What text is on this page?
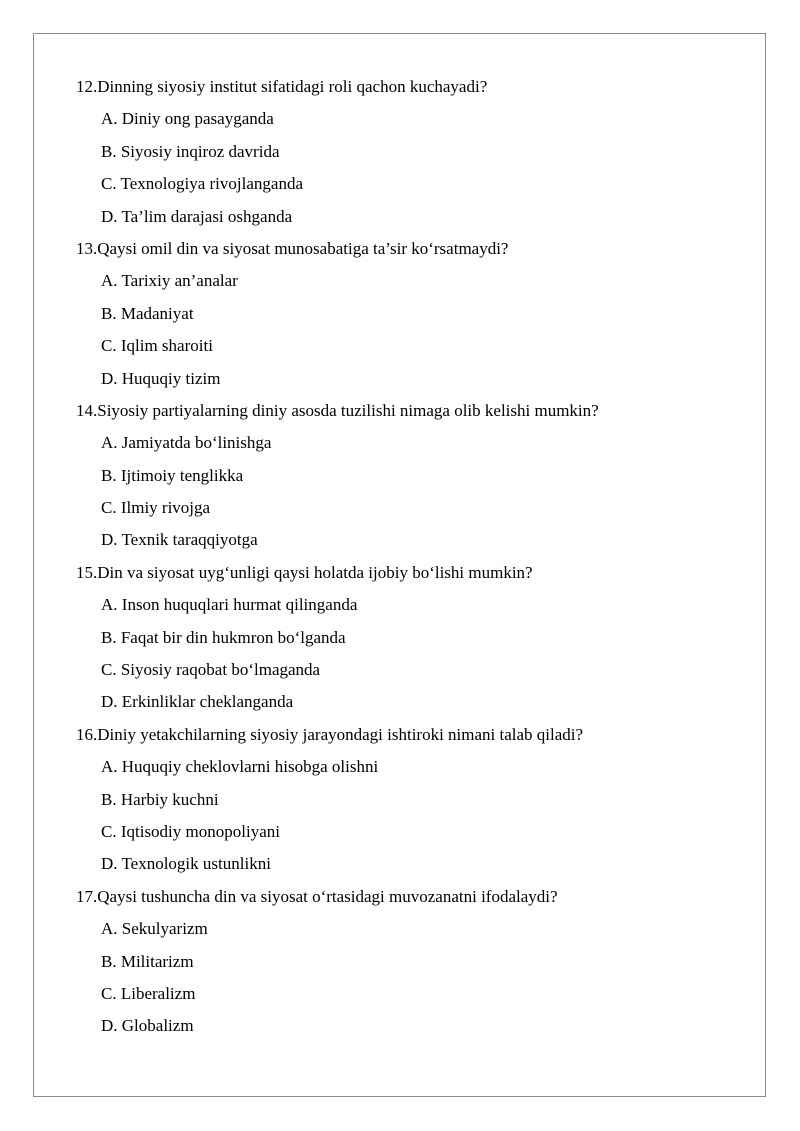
12.Dinning siyosiy institut sifatidagi roli qachon kuchayadi?
A. Diniy ong pasayganda
B. Siyosiy inqiroz davrida
C. Texnologiya rivojlanganda
D. Ta’lim darajasi oshganda
13.Qaysi omil din va siyosat munosabatiga ta’sir ko‘rsatmaydi?
A. Tarixiy an’analar
B. Madaniyat
C. Iqlim sharoiti
D. Huquqiy tizim
14.Siyosiy partiyalarning diniy asosda tuzilishi nimaga olib kelishi mumkin?
A. Jamiyatda bo‘linishga
B. Ijtimoiy tenglikka
C. Ilmiy rivojga
D. Texnik taraqqiyotga
15.Din va siyosat uyg‘unligi qaysi holatda ijobiy bo‘lishi mumkin?
A. Inson huquqlari hurmat qilinganda
B. Faqat bir din hukmron bo‘lganda
C. Siyosiy raqobat bo‘lmaganda
D. Erkinliklar cheklanganda
16.Diniy yetakchilarning siyosiy jarayondagi ishtiroki nimani talab qiladi?
A. Huquqiy cheklovlarni hisobga olishni
B. Harbiy kuchni
C. Iqtisodiy monopoliyani
D. Texnologik ustunlikni
17.Qaysi tushuncha din va siyosat o‘rtasidagi muvozanatni ifodalaydi?
A. Sekulyarizm
B. Militarizm
C. Liberalizm
D. Globalizm
